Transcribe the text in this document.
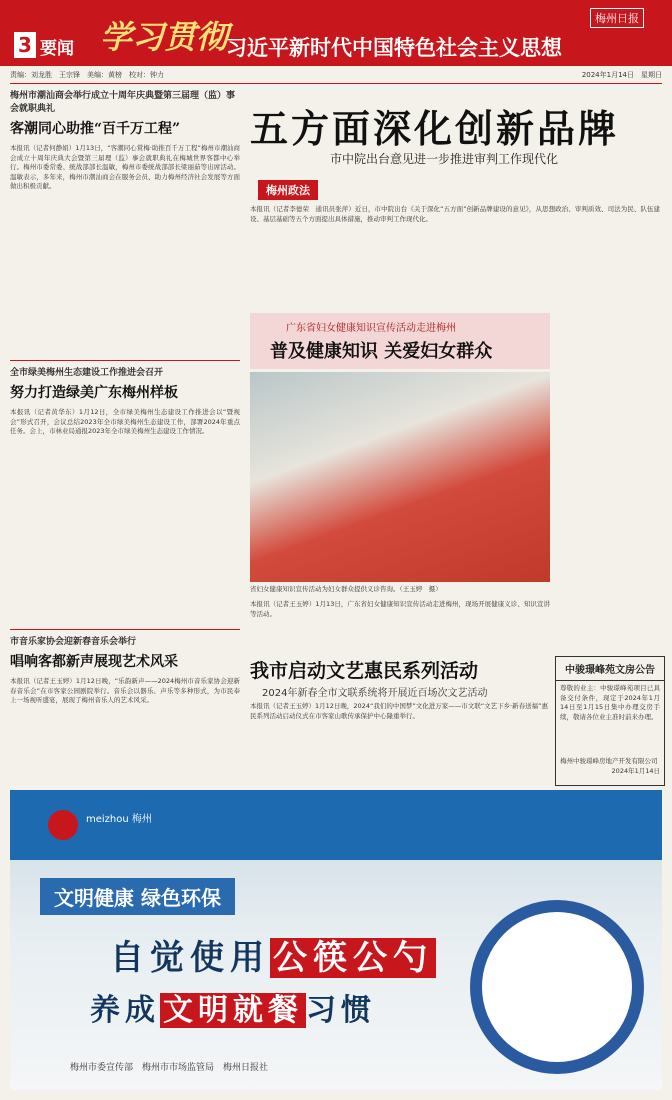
3 要闻 学习贯彻
习近平新时代中国特色社会主义思想
梅州日报
责编：刘龙胜　王宗锋　美编：黄榜　校对：钟力	2024年1月14日　星期日
梅州市潮汕商会举行成立十周年庆典暨第三届理（监）事会就职典礼
客潮同心助推“百千万工程”
本报讯（记者何静娟）1月13日，“客潮同心赏梅·助推百千万工程”梅州市潮汕商会成立十周年庆典大会暨第三届理（监）事会就职典礼在梅城世界客都中心举行。梅州市委常委、统战部部长温敏，梅州市委统战部部长梁丽茹等出席活动。温敏表示，多年来，梅州市潮汕商会在服务会员、助力梅州经济社会发展等方面做出积极贡献。
全市绿美梅州生态建设工作推进会召开
努力打造绿美广东梅州样板
本报讯（记者黄华东）1月12日，全市绿美梅州生态建设工作推进会以“暨视会”形式召开，会议总结2023年全市绿美梅州生态建设工作，部署2024年重点任务。会上，市林业局通报2023年全市绿美梅州生态建设工作情况。
市音乐家协会迎新春音乐会举行
唱响客都新声展现艺术风采
本报讯（记者王玉婷）1月12日晚，“乐韵新声——2024梅州市音乐家协会迎新春音乐会”在市客家公园剧院举行。音乐会以器乐、声乐等多种形式，为市民奉上一场视听盛宴，展现了梅州音乐人的艺术风采。
五方面深化创新品牌
市中院出台意见进一步推进审判工作现代化
梅州政法
本报讯（记者李德荣　通讯员张萍）近日，市中院出台《关于深化“五方面”创新品牌建设的意见》，从思想政治、审判质效、司法为民、队伍建设、基层基础等五个方面提出具体措施，推动审判工作现代化。
广东省妇女健康知识宣传活动走进梅州
普及健康知识 关爱妇女群众
省妇女健康知识宣传活动为妇女群众提供义诊咨询。（王玉婷　摄）
本报讯（记者王玉婷）1月13日，广东省妇女健康知识宣传活动走进梅州，现场开展健康义诊、知识宣讲等活动。
我市启动文艺惠民系列活动
2024年新春全市文联系统将开展近百场次文艺活动
本报讯（记者王玉婷）1月12日晚，2024“我们的中国梦”文化进万家——市文联“文艺下乡·新春送福”惠民系列活动启动仪式在市客家山歌传承保护中心隆重举行。
中骏璟峰苑文房公告
尊敬的业主：中骏璟峰苑项目已具备交付条件，现定于2024年1月14日至1月15日集中办理交房手续，敬请各位业主准时前来办理。
梅州中骏璟峰房地产开发有限公司
2024年1月14日
meizhou 梅州
文明健康 绿色环保
自觉使用公筷公勺
养成 文明就餐 习惯
梅州市委宣传部　梅州市市场监管局　梅州日报社
